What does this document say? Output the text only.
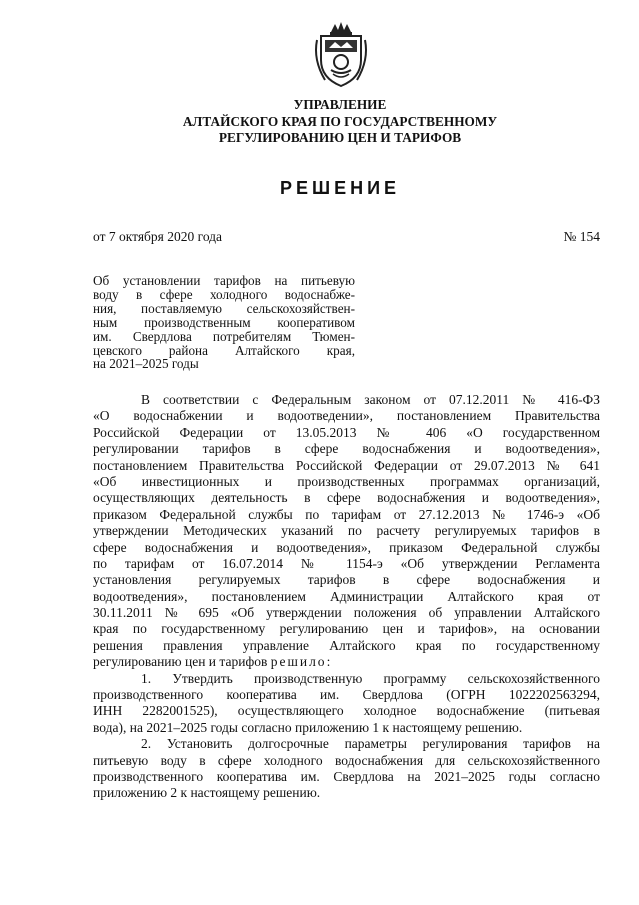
УПРАВЛЕНИЕ
АЛТАЙСКОГО КРАЯ ПО ГОСУДАРСТВЕННОМУ
РЕГУЛИРОВАНИЮ ЦЕН И ТАРИФОВ
РЕШЕНИЕ
от 7 октября 2020 года	№ 154
Об установлении тарифов на питьевую
воду в сфере холодного водоснабже-
ния, поставляемую сельскохозяйствен-
ным производственным кооперативом
им. Свердлова потребителям Тюмен-
цевского района Алтайского края,
на 2021–2025 годы
В соответствии с Федеральным законом от 07.12.2011 № 416-ФЗ
«О водоснабжении и водоотведении», постановлением Правительства
Российской Федерации от 13.05.2013 № 406 «О государственном
регулировании тарифов в сфере водоснабжения и водоотведения»,
постановлением Правительства Российской Федерации от 29.07.2013 № 641
«Об инвестиционных и производственных программах организаций,
осуществляющих деятельность в сфере водоснабжения и водоотведения»,
приказом Федеральной службы по тарифам от 27.12.2013 № 1746-э «Об
утверждении Методических указаний по расчету регулируемых тарифов в
сфере водоснабжения и водоотведения», приказом Федеральной службы
по тарифам от 16.07.2014 № 1154-э «Об утверждении Регламента
установления регулируемых тарифов в сфере водоснабжения и
водоотведения», постановлением Администрации Алтайского края от
30.11.2011 № 695 «Об утверждении положения об управлении Алтайского
края по государственному регулированию цен и тарифов», на основании
решения правления управление Алтайского края по государственному
регулированию цен и тарифов решило:
1. Утвердить производственную программу сельскохозяйственного
производственного кооператива им. Свердлова (ОГРН 1022202563294,
ИНН 2282001525), осуществляющего холодное водоснабжение (питьевая
вода), на 2021–2025 годы согласно приложению 1 к настоящему решению.
2. Установить долгосрочные параметры регулирования тарифов на
питьевую воду в сфере холодного водоснабжения для сельскохозяйственного
производственного кооператива им. Свердлова на 2021–2025 годы согласно
приложению 2 к настоящему решению.
